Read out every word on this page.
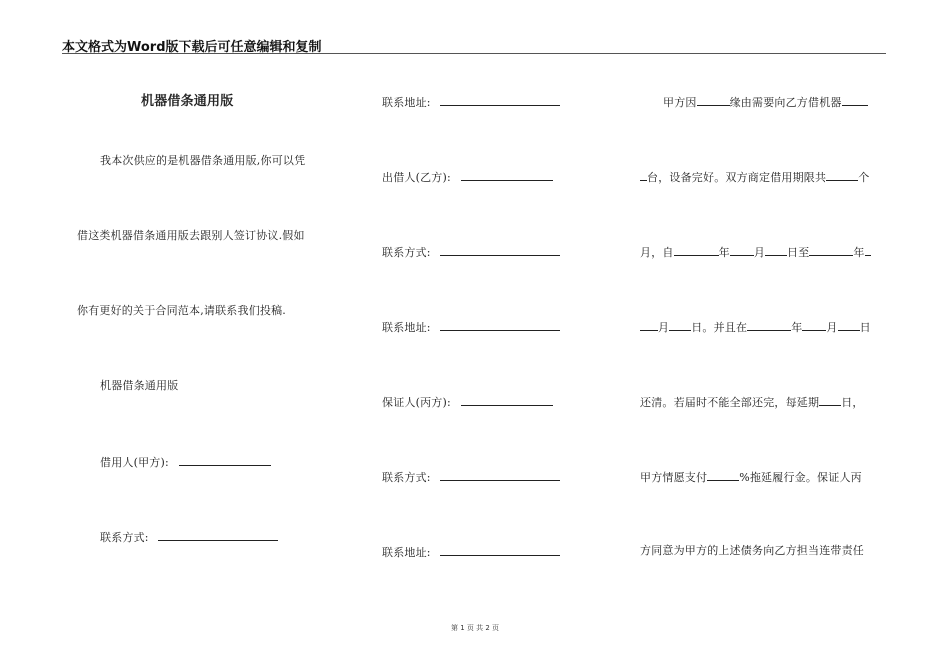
本文格式为Word版下载后可任意编辑和复制
机器借条通用版
我本次供应的是机器借条通用版,你可以凭
借这类机器借条通用版去跟别人签订协议.假如
你有更好的关于合同范本,请联系我们投稿.
机器借条通用版
借用人(甲方):
联系方式:
联系地址:
出借人(乙方):
联系方式:
联系地址:
保证人(丙方):
联系方式:
联系地址:
甲方因	缘由需要向乙方借机器
台，设备完好。双方商定借用期限共	个
月，自	年 月 日至	年
月 日。并且在	年 月 日
还清。若届时不能全部还完，每延期 日，
甲方情愿支付	%拖延履行金。保证人丙
方同意为甲方的上述债务向乙方担当连带责任
第 1 页 共 2 页
